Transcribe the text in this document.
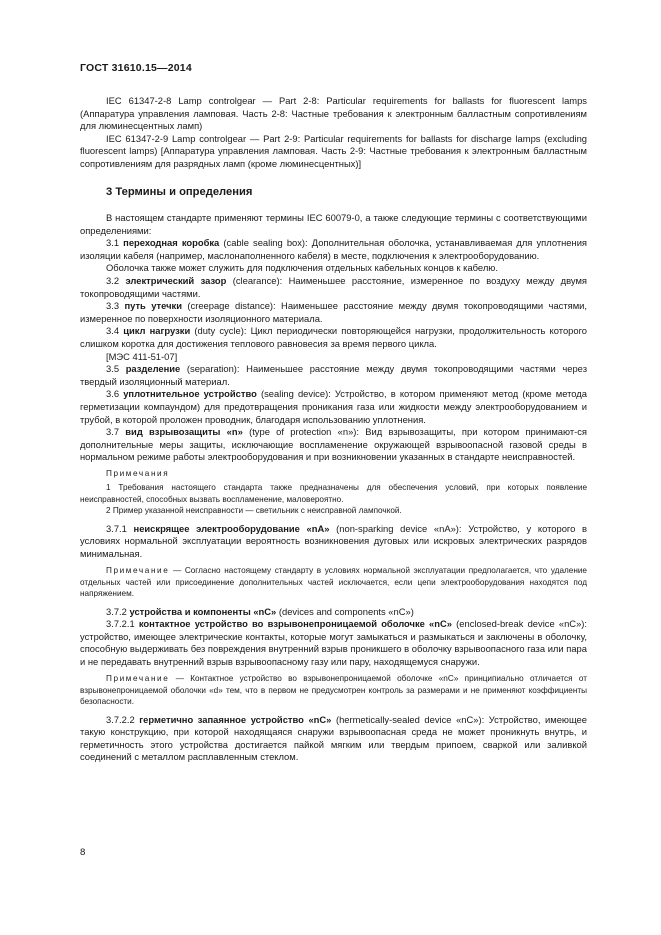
ГОСТ 31610.15—2014

IEC 61347-2-8 Lamp controlgear — Part 2-8: Particular requirements for ballasts for fluorescent lamps (Аппаратура управления ламповая. Часть 2-8: Частные требования к электронным балластным сопротивлениям для люминесцентных ламп)

IEC 61347-2-9 Lamp controlgear — Part 2-9: Particular requirements for ballasts for discharge lamps (excluding fluorescent lamps) [Аппаратура управления ламповая. Часть 2-9: Частные требования к электронным балластным сопротивлениям для разрядных ламп (кроме люминесцентных)]

3 Термины и определения

В настоящем стандарте применяют термины IEC 60079-0, а также следующие термины с соответствующими определениями:

3.1 переходная коробка (cable sealing box): Дополнительная оболочка, устанавливаемая для уплотнения изоляции кабеля (например, маслонаполненного кабеля) в месте, подключения к электрооборудованию.

Оболочка также может служить для подключения отдельных кабельных концов к кабелю.

3.2 электрический зазор (clearance): Наименьшее расстояние, измеренное по воздуху между двумя токопроводящими частями.

3.3 путь утечки (creepage distance): Наименьшее расстояние между двумя токопроводящими частями, измеренное по поверхности изоляционного материала.

3.4 цикл нагрузки (duty cycle): Цикл периодически повторяющейся нагрузки, продолжительность которого слишком коротка для достижения теплового равновесия за время первого цикла.

[МЭС 411-51-07]

3.5 разделение (separation): Наименьшее расстояние между двумя токопроводящими частями через твердый изоляционный материал.

3.6 уплотнительное устройство (sealing device): Устройство, в котором применяют метод (кроме метода герметизации компаундом) для предотвращения проникания газа или жидкости между электрооборудованием и трубой, в которой проложен проводник, благодаря использованию уплотнения.

3.7 вид взрывозащиты «n» (type of protection «n»): Вид взрывозащиты, при котором принимают-ся дополнительные меры защиты, исключающие воспламенение окружающей взрывоопасной газовой среды в нормальном режиме работы электрооборудования и при возникновении указанных в стандарте неисправностей.

Примечания

1 Требования настоящего стандарта также предназначены для обеспечения условий, при которых появление неисправностей, способных вызвать воспламенение, маловероятно.

2 Пример указанной неисправности — светильник с неисправной лампочкой.

3.7.1 неискрящее электрооборудование «nA» (non-sparking device «nA»): Устройство, у которого в условиях нормальной эксплуатации вероятность возникновения дуговых или искровых электрических разрядов минимальная.

Примечание — Согласно настоящему стандарту в условиях нормальной эксплуатации предполагается, что удаление отдельных частей или присоединение дополнительных частей исключается, если цепи электрооборудования находятся под напряжением.

3.7.2 устройства и компоненты «nC» (devices and components «nC»)

3.7.2.1 контактное устройство во взрывонепроницаемой оболочке «nC» (enclosed-break device «nC»): устройство, имеющее электрические контакты, которые могут замыкаться и размыкаться и заключены в оболочку, способную выдерживать без повреждения внутренний взрыв проникшего в оболочку взрывоопасного газа или пара и не передавать внутренний взрыв взрывоопасному газу или пару, находящемуся снаружи.

Примечание — Контактное устройство во взрывонепроницаемой оболочке «nC» принципиально отличается от взрывонепроницаемой оболочки «d» тем, что в первом не предусмотрен контроль за размерами и не применяют коэффициенты безопасности.

3.7.2.2 герметично запаянное устройство «nC» (hermetically-sealed device «nC»): Устройство, имеющее такую конструкцию, при которой находящаяся снаружи взрывоопасная среда не может проникнуть внутрь, и герметичность этого устройства достигается пайкой мягким или твердым припоем, сваркой или заливкой соединений с металлом расплавленным стеклом.

8
